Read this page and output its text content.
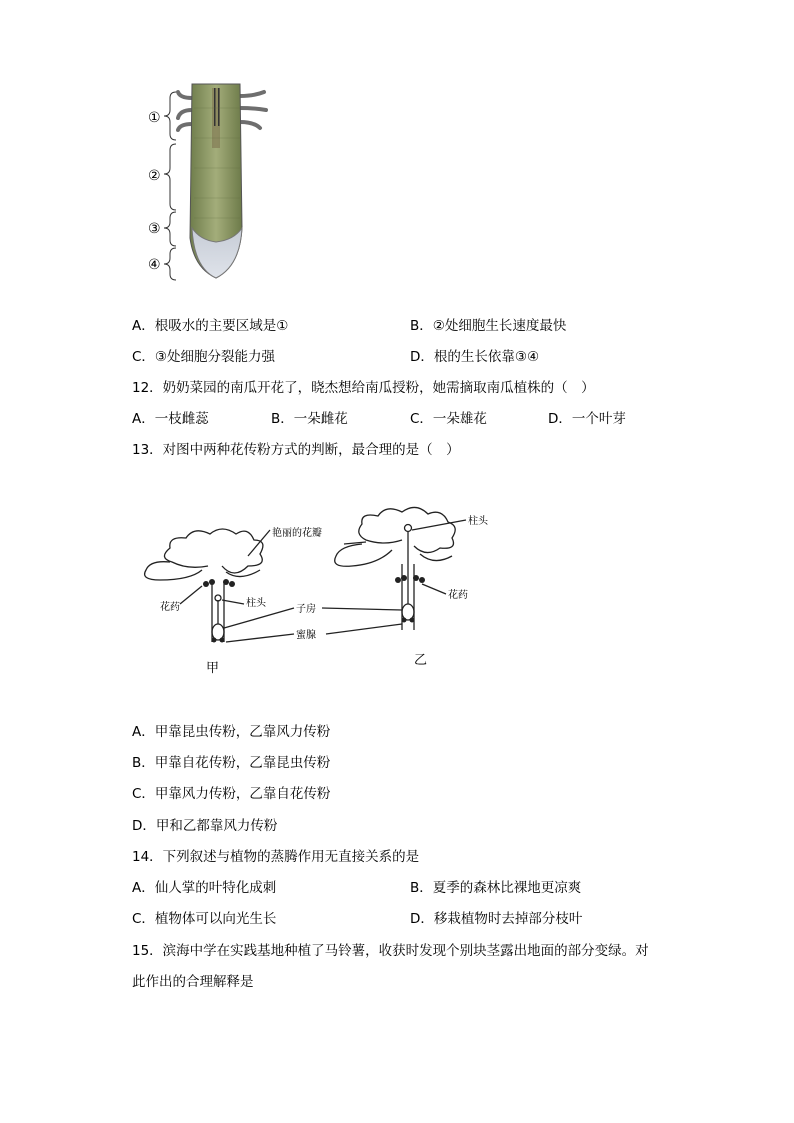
①
②
③
④
A．根吸水的主要区域是①	B．②处细胞生长速度最快
C．③处细胞分裂能力强	D．根的生长依靠③④
12．奶奶菜园的南瓜开花了，晓杰想给南瓜授粉，她需摘取南瓜植株的（　）
A．一枝雌蕊	B．一朵雌花	C．一朵雄花	D．一个叶芽
13．对图中两种花传粉方式的判断，最合理的是（　）
艳丽的花瓣
柱头
柱头
花药
花药
子房
蜜腺
甲
乙
A．甲靠昆虫传粉，乙靠风力传粉
B．甲靠自花传粉，乙靠昆虫传粉
C．甲靠风力传粉，乙靠自花传粉
D．甲和乙都靠风力传粉
14．下列叙述与植物的蒸腾作用无直接关系的是
A．仙人掌的叶特化成刺	B．夏季的森林比裸地更凉爽
C．植物体可以向光生长	D．移栽植物时去掉部分枝叶
15．滨海中学在实践基地种植了马铃薯，收获时发现个别块茎露出地面的部分变绿。对
此作出的合理解释是
